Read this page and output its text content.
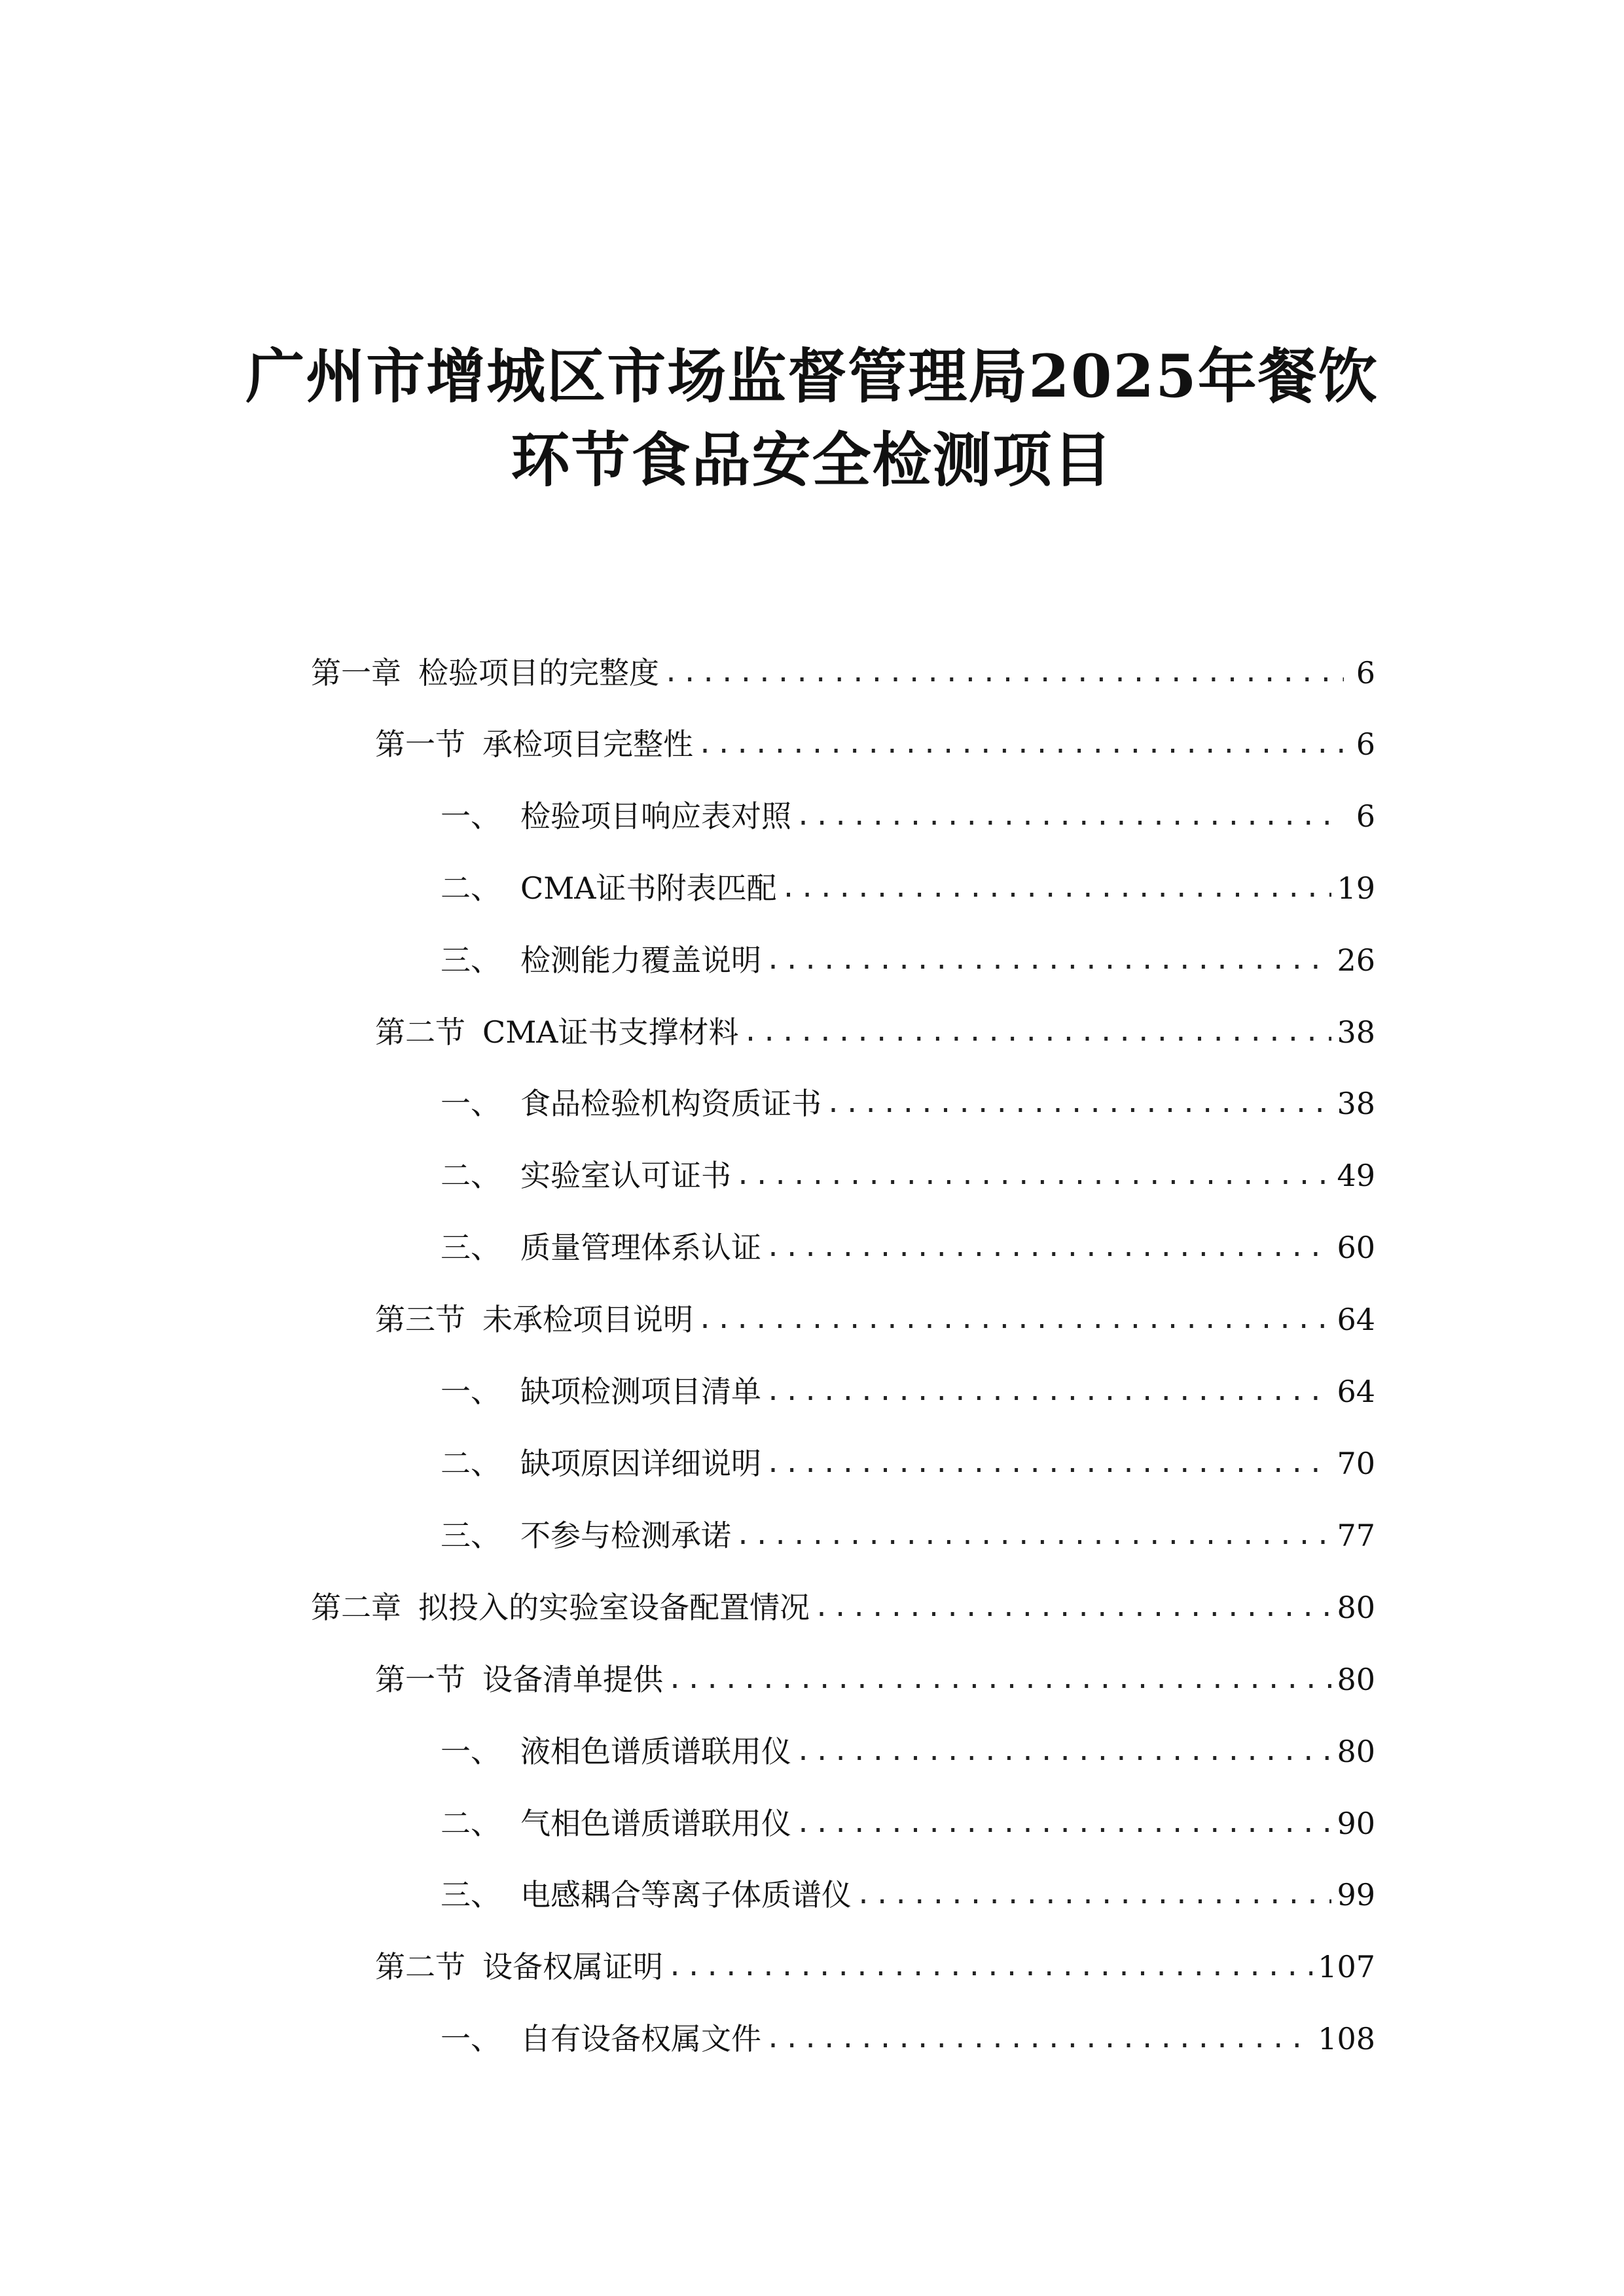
广州市增城区市场监督管理局2025年餐饮
环节食品安全检测项目
第一章 检验项目的完整度 .....	6
第一节 承检项目完整性 .....	6
一、 检验项目响应表对照 .....	6
二、 CMA证书附表匹配 .....	19
三、 检测能力覆盖说明 .....	26
第二节 CMA证书支撑材料 .....	38
一、 食品检验机构资质证书 .....	38
二、 实验室认可证书 .....	49
三、 质量管理体系认证 .....	60
第三节 未承检项目说明 .....	64
一、 缺项检测项目清单 .....	64
二、 缺项原因详细说明 .....	70
三、 不参与检测承诺 .....	77
第二章 拟投入的实验室设备配置情况 .....	80
第一节 设备清单提供 .....	80
一、 液相色谱质谱联用仪 .....	80
二、 气相色谱质谱联用仪 .....	90
三、 电感耦合等离子体质谱仪 .....	99
第二节 设备权属证明 .....	107
一、 自有设备权属文件 .....	108
